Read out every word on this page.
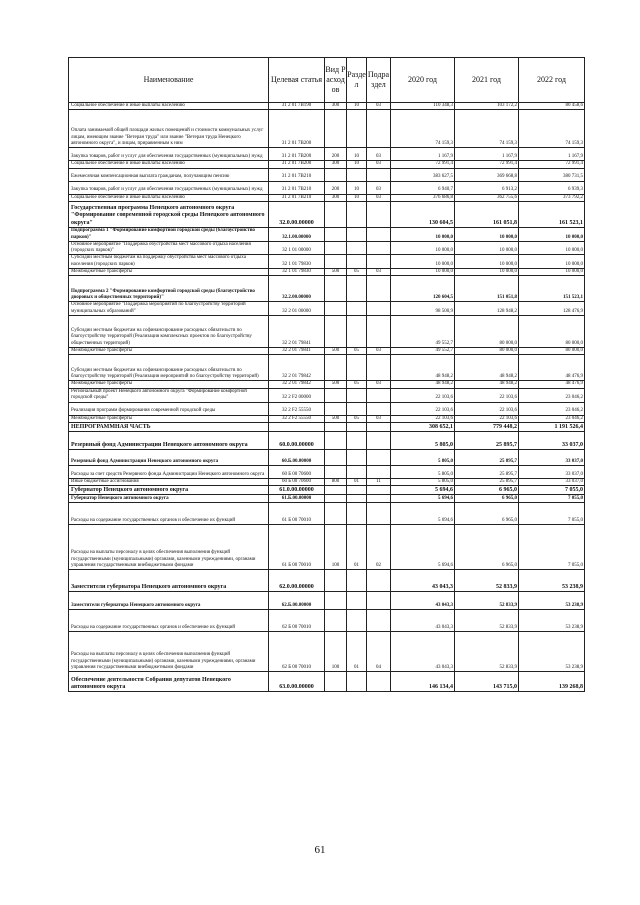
Наименование	Целевая статья	Вид Расходов	Раздел	Подраздел	2020 год	2021 год	2022 год
Социальное обеспечение и иные выплаты населению	31 2 01 7В190	300	10	03	110 348,3	103 172,2	80 458,6
Оплата занимаемой общей площади жилых помещений и стоимости коммунальных услуг лицам, имеющим звание "Ветеран труда" или звание "Ветеран труда Ненецкого автономного округа", и лицам, приравненным к ним	31 2 01 7В200				74 159,3	74 159,3	74 159,3
Закупка товаров, работ и услуг для обеспечения государственных (муниципальных) нужд	31 2 01 7В200	200	10	03	1 167,9	1 167,9	1 167,9
Социальное обеспечение и иные выплаты населению	31 2 01 7В200	300	10	03	72 991,4	72 991,4	72 991,4
Ежемесячная компенсационная выплата гражданам, получающим пенсию	31 2 01 7В210				383 627,5	369 668,8	380 731,5
Закупка товаров, работ и услуг для обеспечения государственных (муниципальных) нужд	31 2 01 7В210	200	10	03	6 940,7	6 913,2	6 939,3
Социальное обеспечение и иные выплаты населению	31 2 01 7В210	300	10	03	376 686,8	362 755,6	373 792,2
Государственная программа Ненецкого автономного округа "Формирование современной городской среды Ненецкого автономного округа"	32.0.00.00000				130 604,5	161 051,8	161 523,1
Подпрограмма 1 "Формирование комфортной городской среды (благоустройство парков)"	32.1.00.00000				10 000,0	10 000,0	10 000,0
Основное мероприятие "Поддержка обустройства мест массового отдыха населения (городских парков)"	32 1 01 00000				10 000,0	10 000,0	10 000,0
Субсидии местным бюджетам на поддержку обустройства мест массового отдыха населения (городских парков)	32 1 01 79830				10 000,0	10 000,0	10 000,0
Межбюджетные трансферты	32 1 01 79830	500	05	03	10 000,0	10 000,0	10 000,0
Подпрограмма 2 "Формирование комфортной городской среды (благоустройство дворовых и общественных территорий)"	32.2.00.00000				120 604,5	151 051,8	151 523,1
Основное мероприятие "Поддержка мероприятий по благоустройству территорий муниципальных образований"	32 2 01 00000				98 500,9	128 948,2	128 476,9
Субсидии местным бюджетам на софинансирование расходных обязательств по благоустройству территорий (Реализация комплексных проектов по благоустройству общественных территорий)	32 2 01 79841				49 552,7	80 000,0	80 000,0
Межбюджетные трансферты	32 2 01 79841	500	05	03	49 552,7	80 000,0	80 000,0
Субсидии местным бюджетам на софинансирование расходных обязательств по благоустройству территорий (Реализация мероприятий по благоустройству территорий)	32 2 01 79842				48 948,2	48 948,2	48 476,9
Межбюджетные трансферты	32 2 01 79842	500	05	03	48 948,2	48 948,2	48 476,9
Региональный проект Ненецкого автономного округа "Формирование комфортной городской среды"	32 2 F2 00000				22 103,6	22 103,6	23 046,2
Реализация программ формирования современной городской среды	32 2 F2 55550				22 103,6	22 103,6	23 046,2
Межбюджетные трансферты	32 2 F2 55550	500	05	03	22 103,6	22 103,6	23 046,2
НЕПРОГРАММНАЯ ЧАСТЬ					308 652,1	779 448,2	1 191 526,4
Резервный фонд Администрации Ненецкого автономного округа	60.0.00.00000				5 805,0	25 895,7	33 037,0
Резервный фонд Администрации Ненецкого автономного округа	60.Б.00.00000				5 805,0	25 895,7	33 037,0
Расходы за счет средств Резервного фонда Администрации Ненецкого автономного округа	60 Б 00 70600				5 805,0	25 895,7	33 037,0
Иные бюджетные ассигнования	60 Б 00 70600	800	01	11	5 805,0	25 895,7	33 037,0
Губернатор Ненецкого автономного округа	61.0.00.00000				5 694,6	6 965,0	7 055,0
Губернатор Ненецкого автономного округа	61.Б.00.00000				5 694,6	6 965,0	7 055,0
Расходы на содержание государственных органов и обеспечение их функций	61 Б 00 70010				5 694,6	6 965,0	7 055,0
Расходы на выплаты персоналу в целях обеспечения выполнения функций государственными (муниципальными) органами, казенными учреждениями, органами управления государственными внебюджетными фондами	61 Б 00 70010	100	01	02	5 694,6	6 965,0	7 055,0
Заместители губернатора Ненецкого автономного округа	62.0.00.00000				43 043,3	52 833,9	53 238,9
Заместители губернатора Ненецкого автономного округа	62.Б.00.00000				43 043,3	52 833,9	53 238,9
Расходы на содержание государственных органов и обеспечение их функций	62 Б 00 70010				43 043,3	52 833,9	53 238,9
Расходы на выплаты персоналу в целях обеспечения выполнения функций государственными (муниципальными) органами, казенными учреждениями, органами управления государственными внебюджетными фондами	62 Б 00 70010	100	01	04	43 043,3	52 833,9	53 238,9
Обеспечение деятельности Собрания депутатов Ненецкого автономного округа	63.0.00.00000				146 134,4	143 715,0	139 268,8
61
